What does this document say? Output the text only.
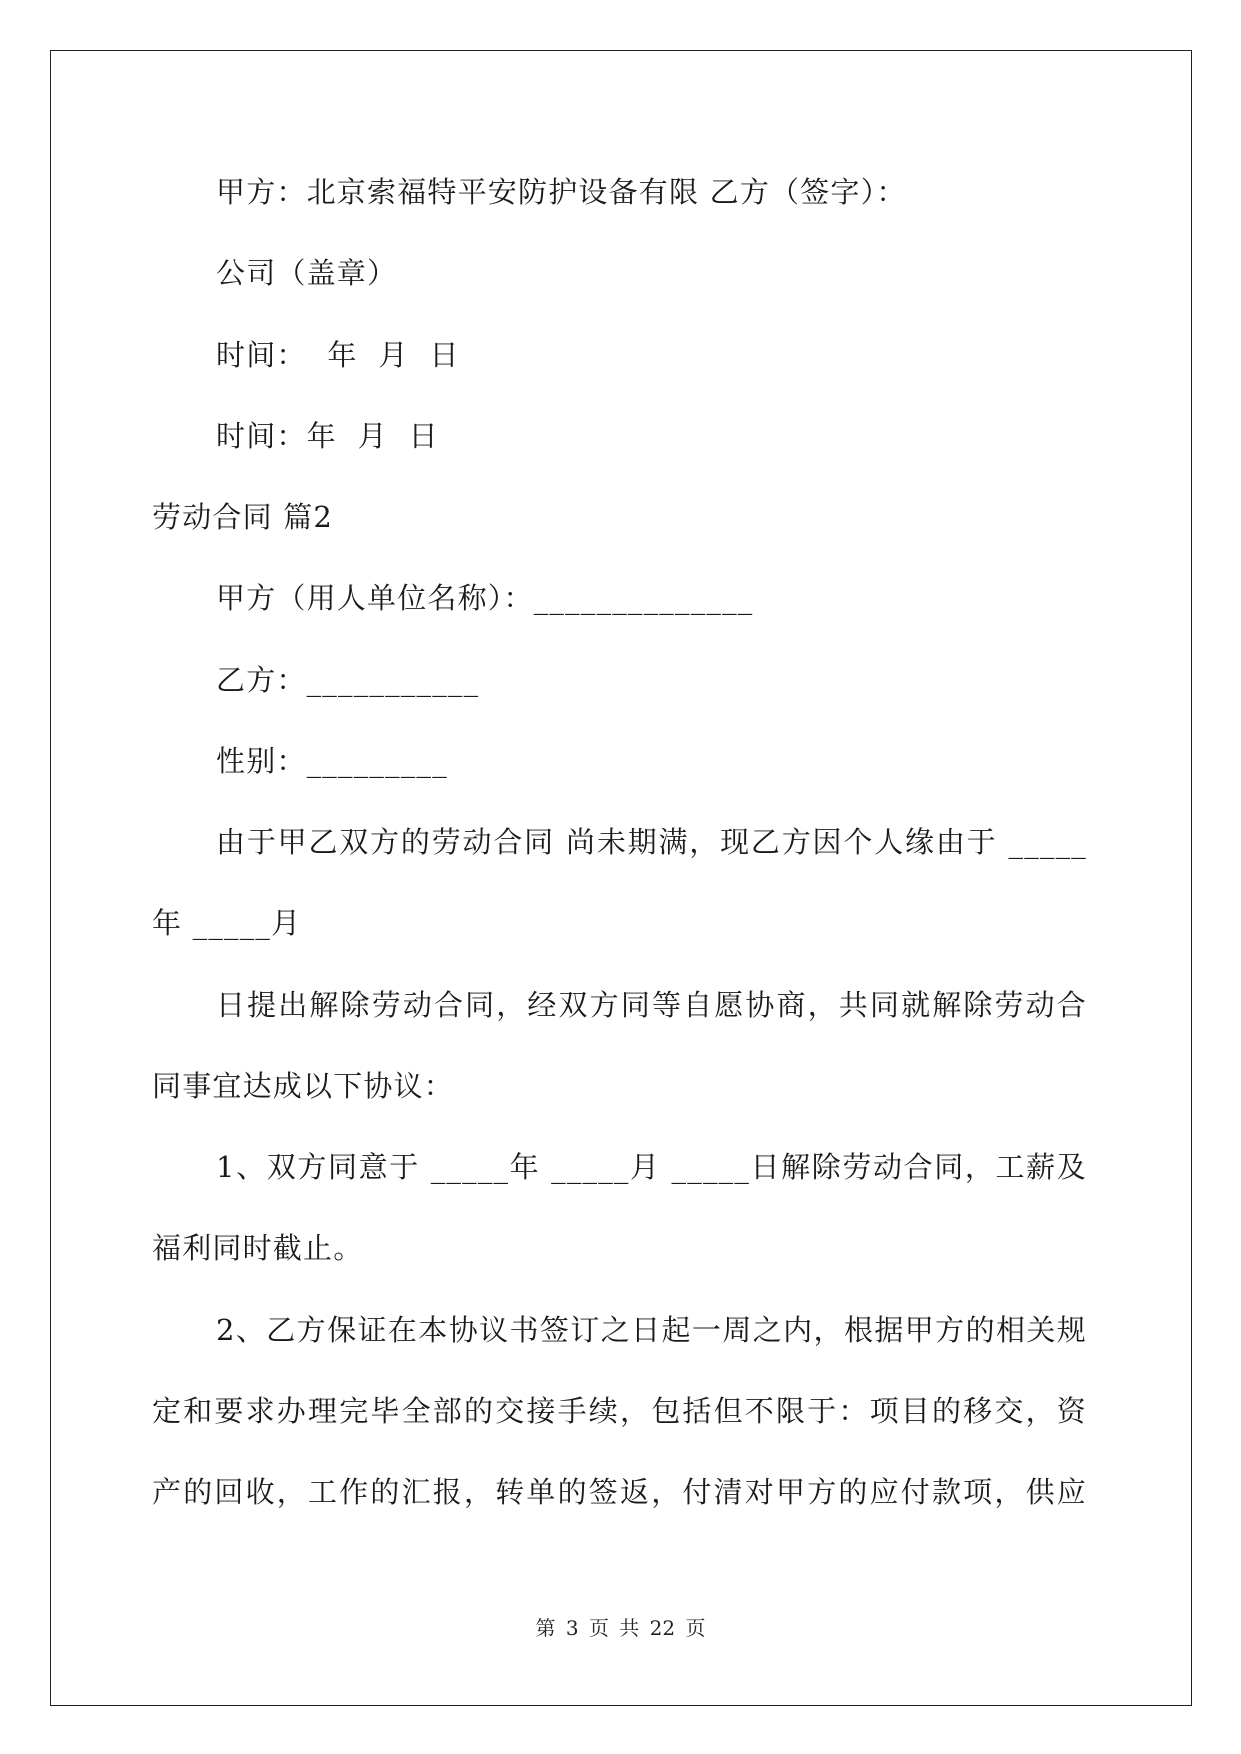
甲方：北京索福特平安防护设备有限 乙方（签字）：
公司（盖章）
时间：  年  月  日
时间：年  月  日
劳动合同 篇2
甲方（用人单位名称）：______________
乙方：___________
性别：_________
由于甲乙双方的劳动合同 尚未期满，现乙方因个人缘由于 _____
年 _____月
日提出解除劳动合同，经双方同等自愿协商，共同就解除劳动合
同事宜达成以下协议：
1、双方同意于 _____年 _____月 _____日解除劳动合同，工薪及
福利同时截止。
2、乙方保证在本协议书签订之日起一周之内，根据甲方的相关规
定和要求办理完毕全部的交接手续，包括但不限于：项目的移交，资
产的回收，工作的汇报，转单的签返，付清对甲方的应付款项，供应
第 3 页 共 22 页
